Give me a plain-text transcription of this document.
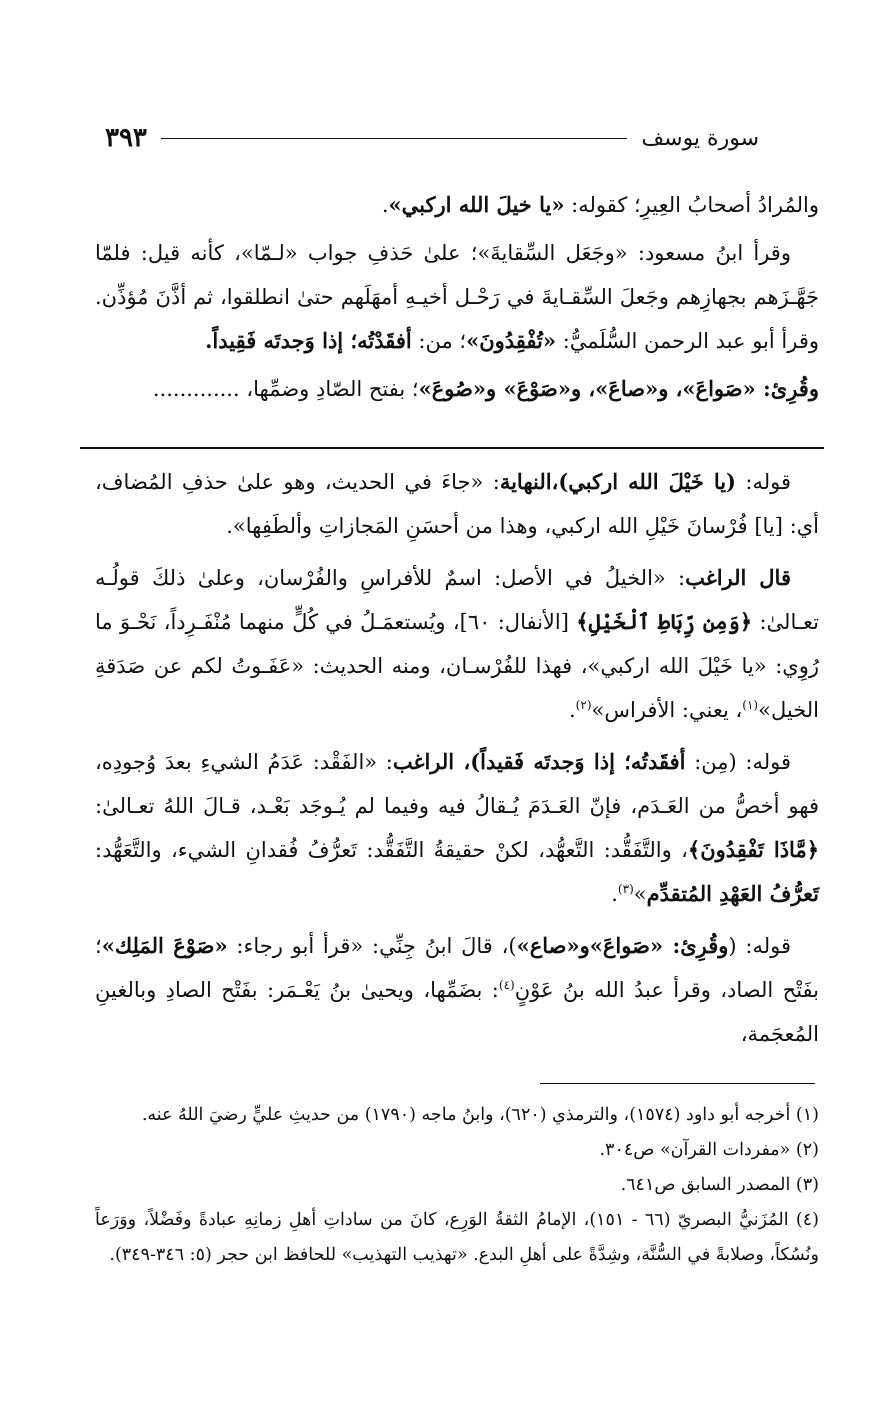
سورة يوسف
٣٩٣

والمُرادُ أصحابُ العِيرِ؛ كقوله: «يا خيلَ الله اركبي».

وقرأ ابنُ مسعود: «وجَعَل السِّقايةَ»؛ علىٰ حَذفِ جواب «لـمّا»، كأنه قيل: فلمّا جَهَّـزَهم بجهازِهم وجَعلَ السِّقـايةَ في رَحْـل أخيـهِ أمهَلَهم حتىٰ انطلقوا، ثم أذَّنَ مُؤذِّن. وقرأ أبو عبد الرحمن السُّلَميُّ: «تُفْقِدُونَ»؛ من: أفقَدْتُه؛ إذا وَجدتَه فَقِيداً.

وقُرِئ: «صَواعَ»، و«صاعَ»، و«صَوْعَ» و«صُوعَ»؛ بفتح الصّادِ وضمِّها، .............

قوله: (يا خَيْلَ الله اركبي)،النهاية: «جاءَ في الحديث، وهو علىٰ حذفِ المُضاف، أي: [يا] فُرْسانَ خَيْلِ الله اركبي، وهذا من أحسَنِ المَجازاتِ وألطَفِها».

قال الراغب: «الخيلُ في الأصل: اسمٌ للأفراسِ والفُرْسان، وعلىٰ ذلكَ قولُـه تعـالىٰ: ﴿وَمِن رِّبَاطِ ٱلْخَيْلِ﴾ [الأنفال: ٦٠]، ويُستعمَـلُ في كُلٍّ منهما مُنْفَـرِداً، نَحْـوَ ما رُوِي: «يا خَيْلَ الله اركبي»، فهذا للفُرْسـان، ومنه الحديث: «عَفَـوتُ لكم عن صَدَقةِ الخيل»$^{(١)}$، يعني: الأفراس»$^{(٢)}$.

قوله: (مِن: أفقَدتُه؛ إذا وَجدتَه فَقيداً)، الراغب: «الفَقْد: عَدَمُ الشيءِ بعدَ وُجودِه، فهو أخصُّ من العَـدَم، فإنّ العَـدَمَ يُـقالُ فيه وفيما لم يُـوجَد بَعْـد، قـالَ اللهُ تعـالىٰ: ﴿مَّاذَا تَفْقِدُونَ﴾، والتَّفَقُّد: التَّعهُّد، لكنْ حقيقةُ التَّفَقُّد: تَعرُّفُ فُقدانِ الشيء، والتَّعَهُّد: تَعرُّفُ العَهْدِ المُتقدِّم»$^{(٣)}$.

قوله: (وقُرِئ: «صَواعَ»و«صاع»)، قالَ ابنُ جِنِّي: «قرأ أبو رجاء: «صَوْعَ المَلِك»؛ بفَتْح الصاد، وقرأ عبدُ الله بنُ عَوْنٍ$^{(٤)}$: بضَمِّها، ويحيىٰ بنُ يَعْـمَر: بفَتْح الصادِ وبالغينِ المُعجَمة،

(١) أخرجه أبو داود (١٥٧٤)، والترمذي (٦٢٠)، وابنُ ماجه (١٧٩٠) من حديثِ عليٍّ رضيَ اللهُ عنه.

(٢) «مفردات القرآن» ص٣٠٤.

(٣) المصدر السابق ص٦٤١.

(٤) المُزَنيُّ البصريّ (٦٦ - ١٥١)، الإمامُ الثقةُ الوَرِع، كانَ من ساداتِ أهلِ زمانِهِ عبادةً وفَضْلاً، ووَرَعاً ونُسُكاً، وصلابةً في السُّنَّة، وشِدَّةً على أهلِ البدع. «تهذيب التهذيب» للحافظ ابن حجر (٥: ٣٤٦-٣٤٩).
